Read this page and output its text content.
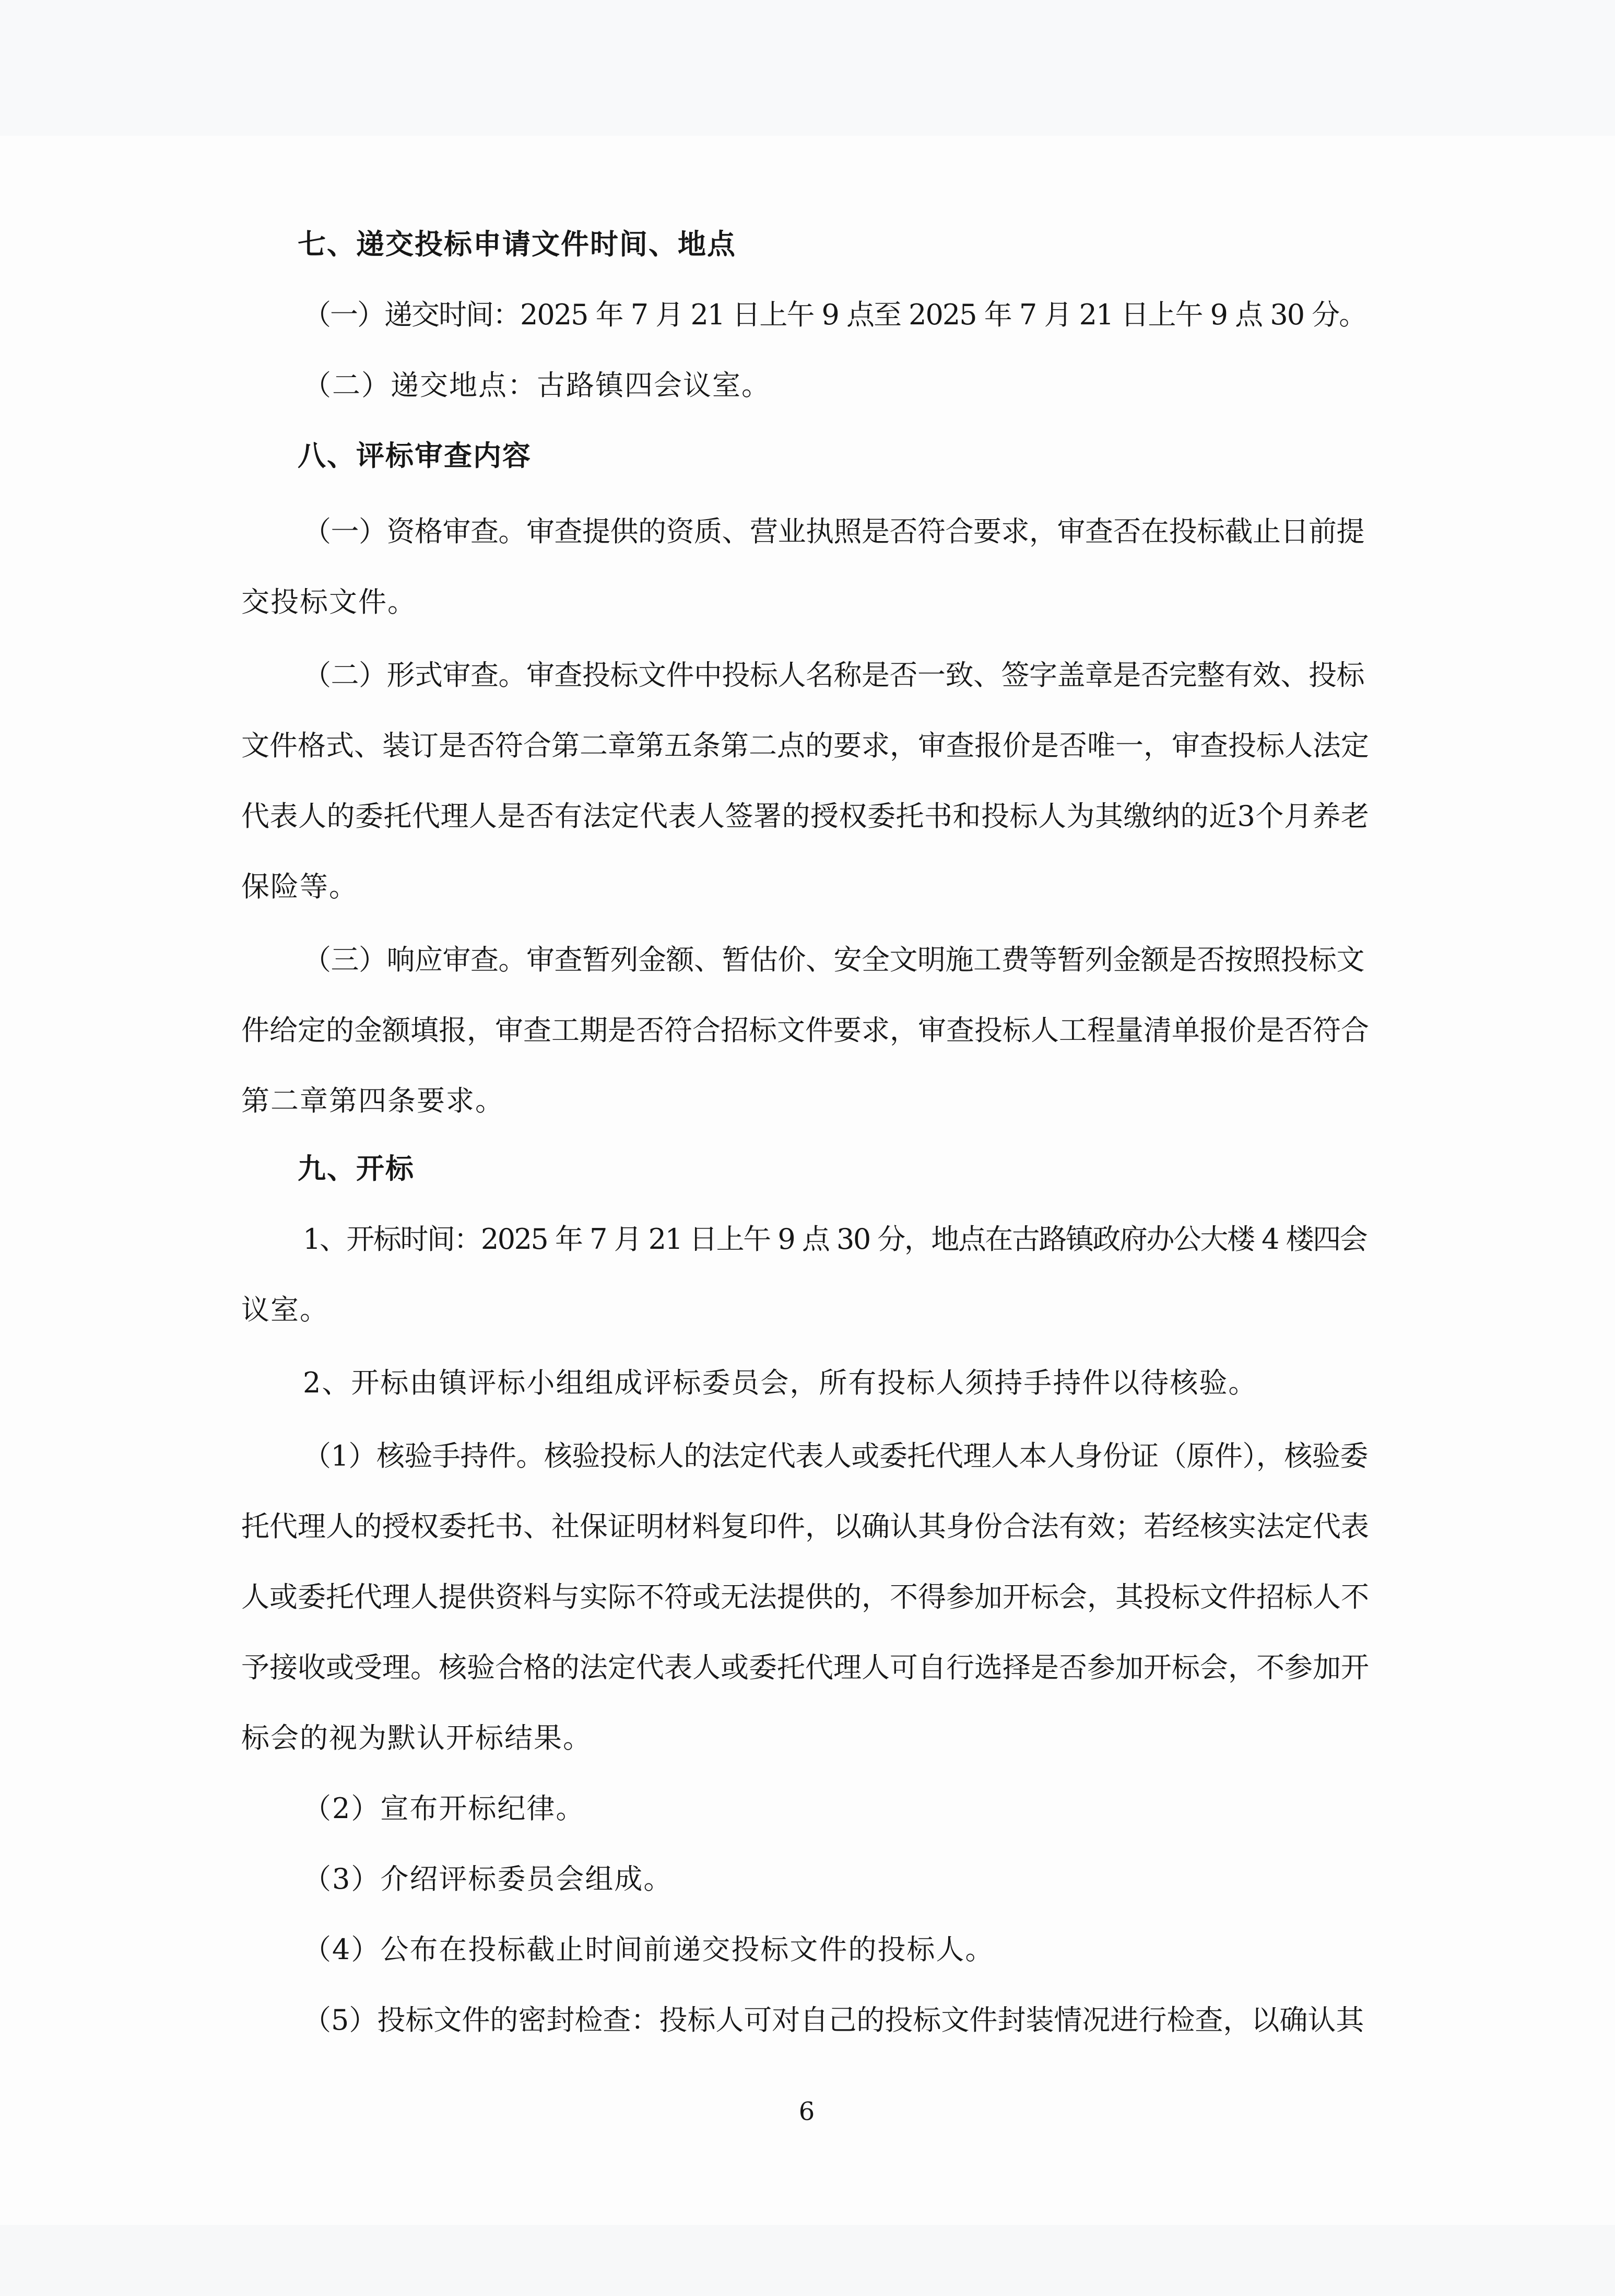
七、递交投标申请文件时间、地点

（一）递交时间：2025 年 7 月 21 日上午 9 点至 2025 年 7 月 21 日上午 9 点 30 分。

（二）递交地点：古路镇四会议室。

八、评标审查内容

（一）资格审查。审查提供的资质、营业执照是否符合要求，审查否在投标截止日前提

交投标文件。

（二）形式审查。审查投标文件中投标人名称是否一致、签字盖章是否完整有效、投标

文件格式、装订是否符合第二章第五条第二点的要求，审查报价是否唯一，审查投标人法定

代表人的委托代理人是否有法定代表人签署的授权委托书和投标人为其缴纳的近3个月养老

保险等。

（三）响应审查。审查暂列金额、暂估价、安全文明施工费等暂列金额是否按照投标文

件给定的金额填报，审查工期是否符合招标文件要求，审查投标人工程量清单报价是否符合

第二章第四条要求。

九、开标

1、开标时间：2025 年 7 月 21 日上午 9 点 30 分，地点在古路镇政府办公大楼 4 楼四会

议室。

2、开标由镇评标小组组成评标委员会，所有投标人须持手持件以待核验。

（1）核验手持件。核验投标人的法定代表人或委托代理人本人身份证（原件），核验委

托代理人的授权委托书、社保证明材料复印件，以确认其身份合法有效；若经核实法定代表

人或委托代理人提供资料与实际不符或无法提供的，不得参加开标会，其投标文件招标人不

予接收或受理。核验合格的法定代表人或委托代理人可自行选择是否参加开标会，不参加开

标会的视为默认开标结果。

（2）宣布开标纪律。

（3）介绍评标委员会组成。

（4）公布在投标截止时间前递交投标文件的投标人。

（5）投标文件的密封检查：投标人可对自己的投标文件封装情况进行检查，以确认其

6
